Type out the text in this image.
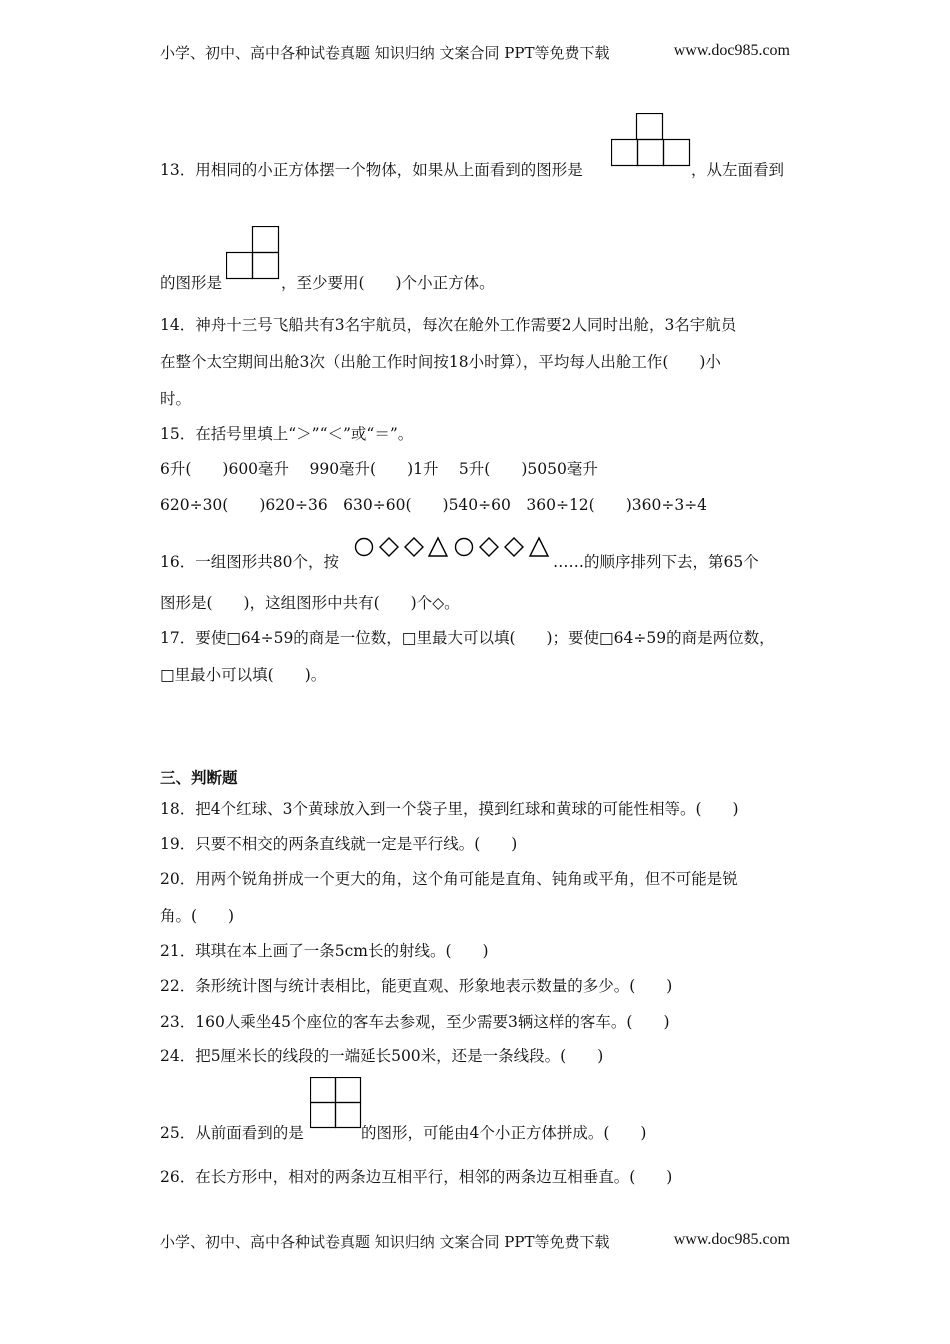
小学、初中、高中各种试卷真题 知识归纳 文案合同 PPT等免费下载	www.doc985.com
13．用相同的小正方体摆一个物体，如果从上面看到的图形是	，从左面看到
的图形是	，至少要用(　　)个小正方体。
14．神舟十三号飞船共有3名宇航员，每次在舱外工作需要2人同时出舱，3名宇航员
在整个太空期间出舱3次（出舱工作时间按18小时算），平均每人出舱工作(　　)小
时。
15．在括号里填上“＞”“＜”或“＝”。
6升(　　)600毫升　 990毫升(　　)1升　 5升(　　)5050毫升
620÷30(　　)620÷36　630÷60(　　)540÷60　360÷12(　　)360÷3÷4
16．一组图形共80个，按	……的顺序排列下去，第65个
图形是(　　)，这组图形中共有(　　)个◇。
17．要使□64÷59的商是一位数，□里最大可以填(　　)；要使□64÷59的商是两位数，
□里最小可以填(　　)。
三、判断题
18．把4个红球、3个黄球放入到一个袋子里，摸到红球和黄球的可能性相等。(　　)
19．只要不相交的两条直线就一定是平行线。(　　)
20．用两个锐角拼成一个更大的角，这个角可能是直角、钝角或平角，但不可能是锐
角。(　　)
21．琪琪在本上画了一条5cm长的射线。(　　)
22．条形统计图与统计表相比，能更直观、形象地表示数量的多少。(　　)
23．160人乘坐45个座位的客车去参观，至少需要3辆这样的客车。(　　)
24．把5厘米长的线段的一端延长500米，还是一条线段。(　　)
25．从前面看到的是	的图形，可能由4个小正方体拼成。(　　)
26．在长方形中，相对的两条边互相平行，相邻的两条边互相垂直。(　　)
小学、初中、高中各种试卷真题 知识归纳 文案合同 PPT等免费下载	www.doc985.com
